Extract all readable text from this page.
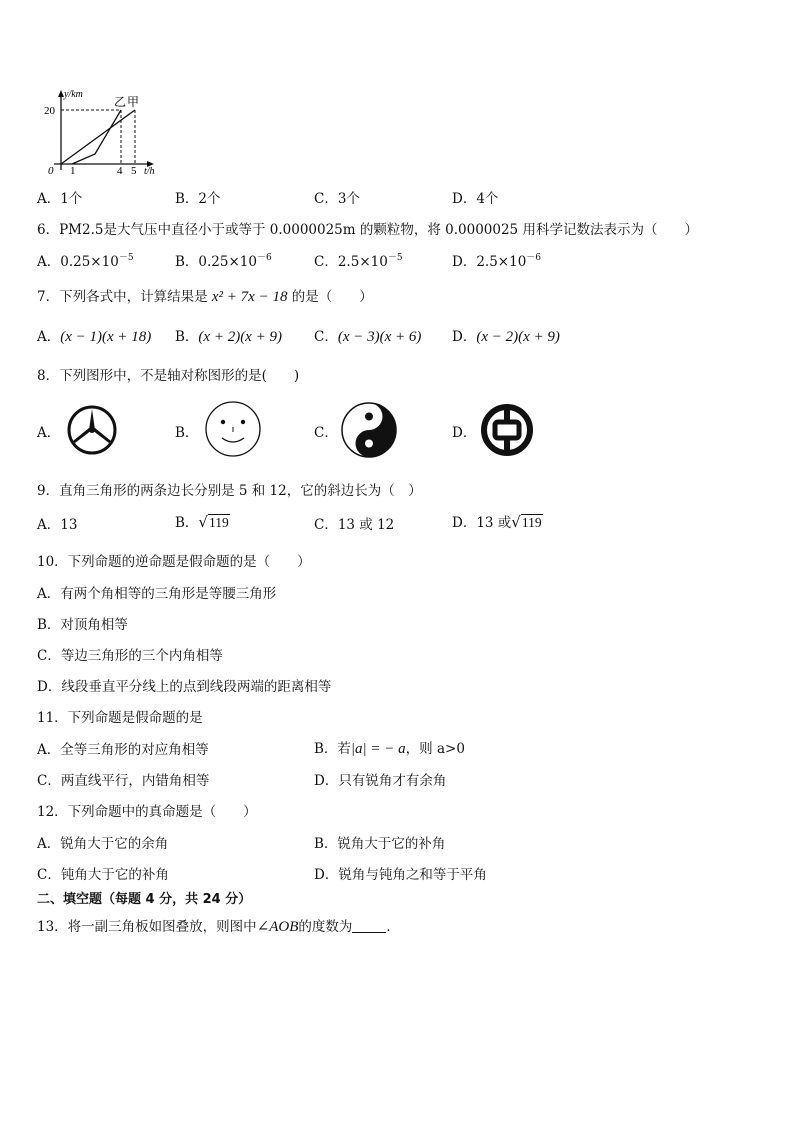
y/km
t/h
0
20
1	4 5
乙 甲
A．1个	B．2个	C．3个	D．4个
6．PM2.5是大气压中直径小于或等于 0.0000025m 的颗粒物，将 0.0000025 用科学记数法表示为（　　）
A．$0.25\times 10^{-5}$	B．$0.25\times 10^{-6}$	C．$2.5\times 10^{-5}$	D．$2.5\times 10^{-6}$
7．下列各式中，计算结果是 x² + 7x − 18 的是（　　）
A．(x − 1)(x + 18) B．(x + 2)(x + 9) C．(x − 3)(x + 6) D．(x − 2)(x + 9)
8．下列图形中，不是轴对称图形的是(　　)
A．	B．	C．	D．
9．直角三角形的两条边长分别是 5 和 12，它的斜边长为（　）
A．13	B．√119	C．13 或 12	D．13 或√119
10．下列命题的逆命题是假命题的是（　　）
A．有两个角相等的三角形是等腰三角形
B．对顶角相等
C．等边三角形的三个内角相等
D．线段垂直平分线上的点到线段两端的距离相等
11．下列命题是假命题的是
A．全等三角形的对应角相等	B．若|a| = − a，则 a>0
C．两直线平行，内错角相等	D．只有锐角才有余角
12．下列命题中的真命题是（　　）
A．锐角大于它的余角	B．锐角大于它的补角
C．钝角大于它的补角	D．锐角与钝角之和等于平角
二、填空题（每题 4 分，共 24 分）
13．将一副三角板如图叠放，则图中∠AOB的度数为	．
